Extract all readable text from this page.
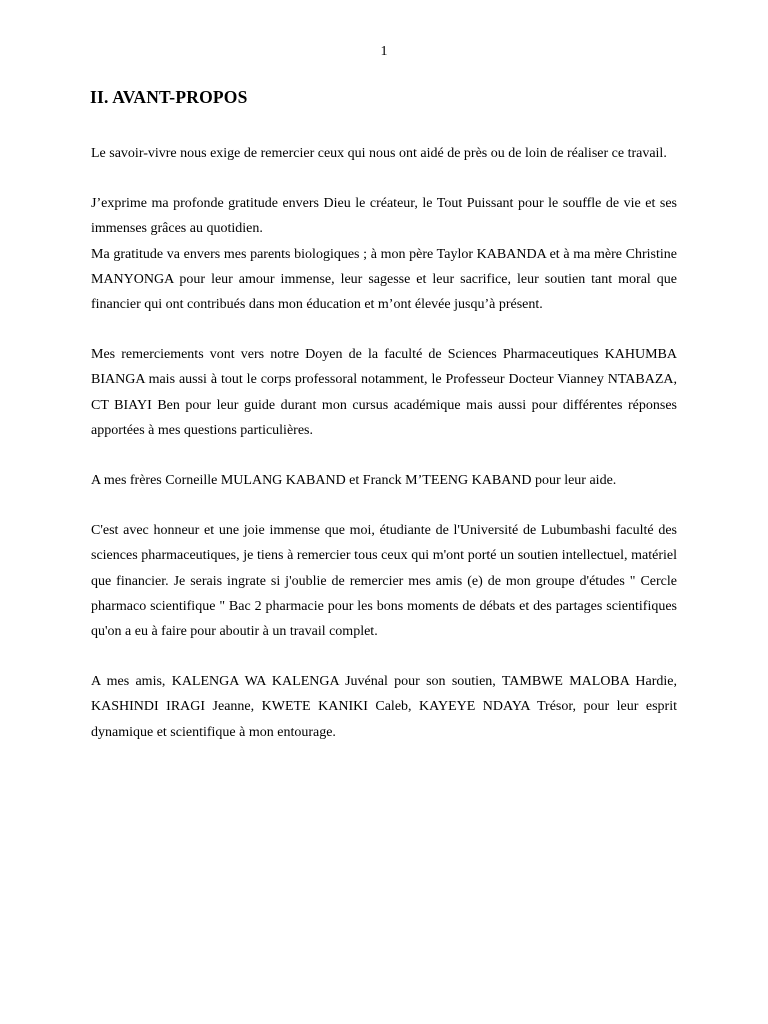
1
II. AVANT-PROPOS

Le savoir-vivre nous exige de remercier ceux qui nous ont aidé de près ou de loin de réaliser ce travail.

J’exprime ma profonde gratitude envers Dieu le créateur, le Tout Puissant pour le souffle de vie et ses immenses grâces au quotidien.

Ma gratitude va envers mes parents biologiques ; à mon père Taylor KABANDA et à ma mère Christine MANYONGA pour leur amour immense, leur sagesse et leur sacrifice, leur soutien tant moral que financier qui ont contribués dans mon éducation et m’ont élevée jusqu’à présent.

Mes remerciements vont vers notre Doyen de la faculté de Sciences Pharmaceutiques KAHUMBA BIANGA mais aussi à tout le corps professoral notamment, le Professeur Docteur Vianney NTABAZA, CT BIAYI Ben pour leur guide durant mon cursus académique mais aussi pour différentes réponses apportées à mes questions particulières.

A mes frères Corneille MULANG KABAND et Franck M’TEENG KABAND pour leur aide.

C'est avec honneur et une joie immense que moi, étudiante de l'Université de Lubumbashi faculté des sciences pharmaceutiques, je tiens à remercier tous ceux qui m'ont porté un soutien intellectuel, matériel que financier. Je serais ingrate si j'oublie de remercier mes amis (e) de mon groupe d'études " Cercle pharmaco scientifique " Bac 2 pharmacie pour les bons moments de débats et des partages scientifiques qu'on a eu à faire pour aboutir à un travail complet.

A mes amis, KALENGA WA KALENGA Juvénal pour son soutien, TAMBWE MALOBA Hardie, KASHINDI IRAGI Jeanne, KWETE KANIKI Caleb, KAYEYE NDAYA Trésor, pour leur esprit dynamique et scientifique à mon entourage.
